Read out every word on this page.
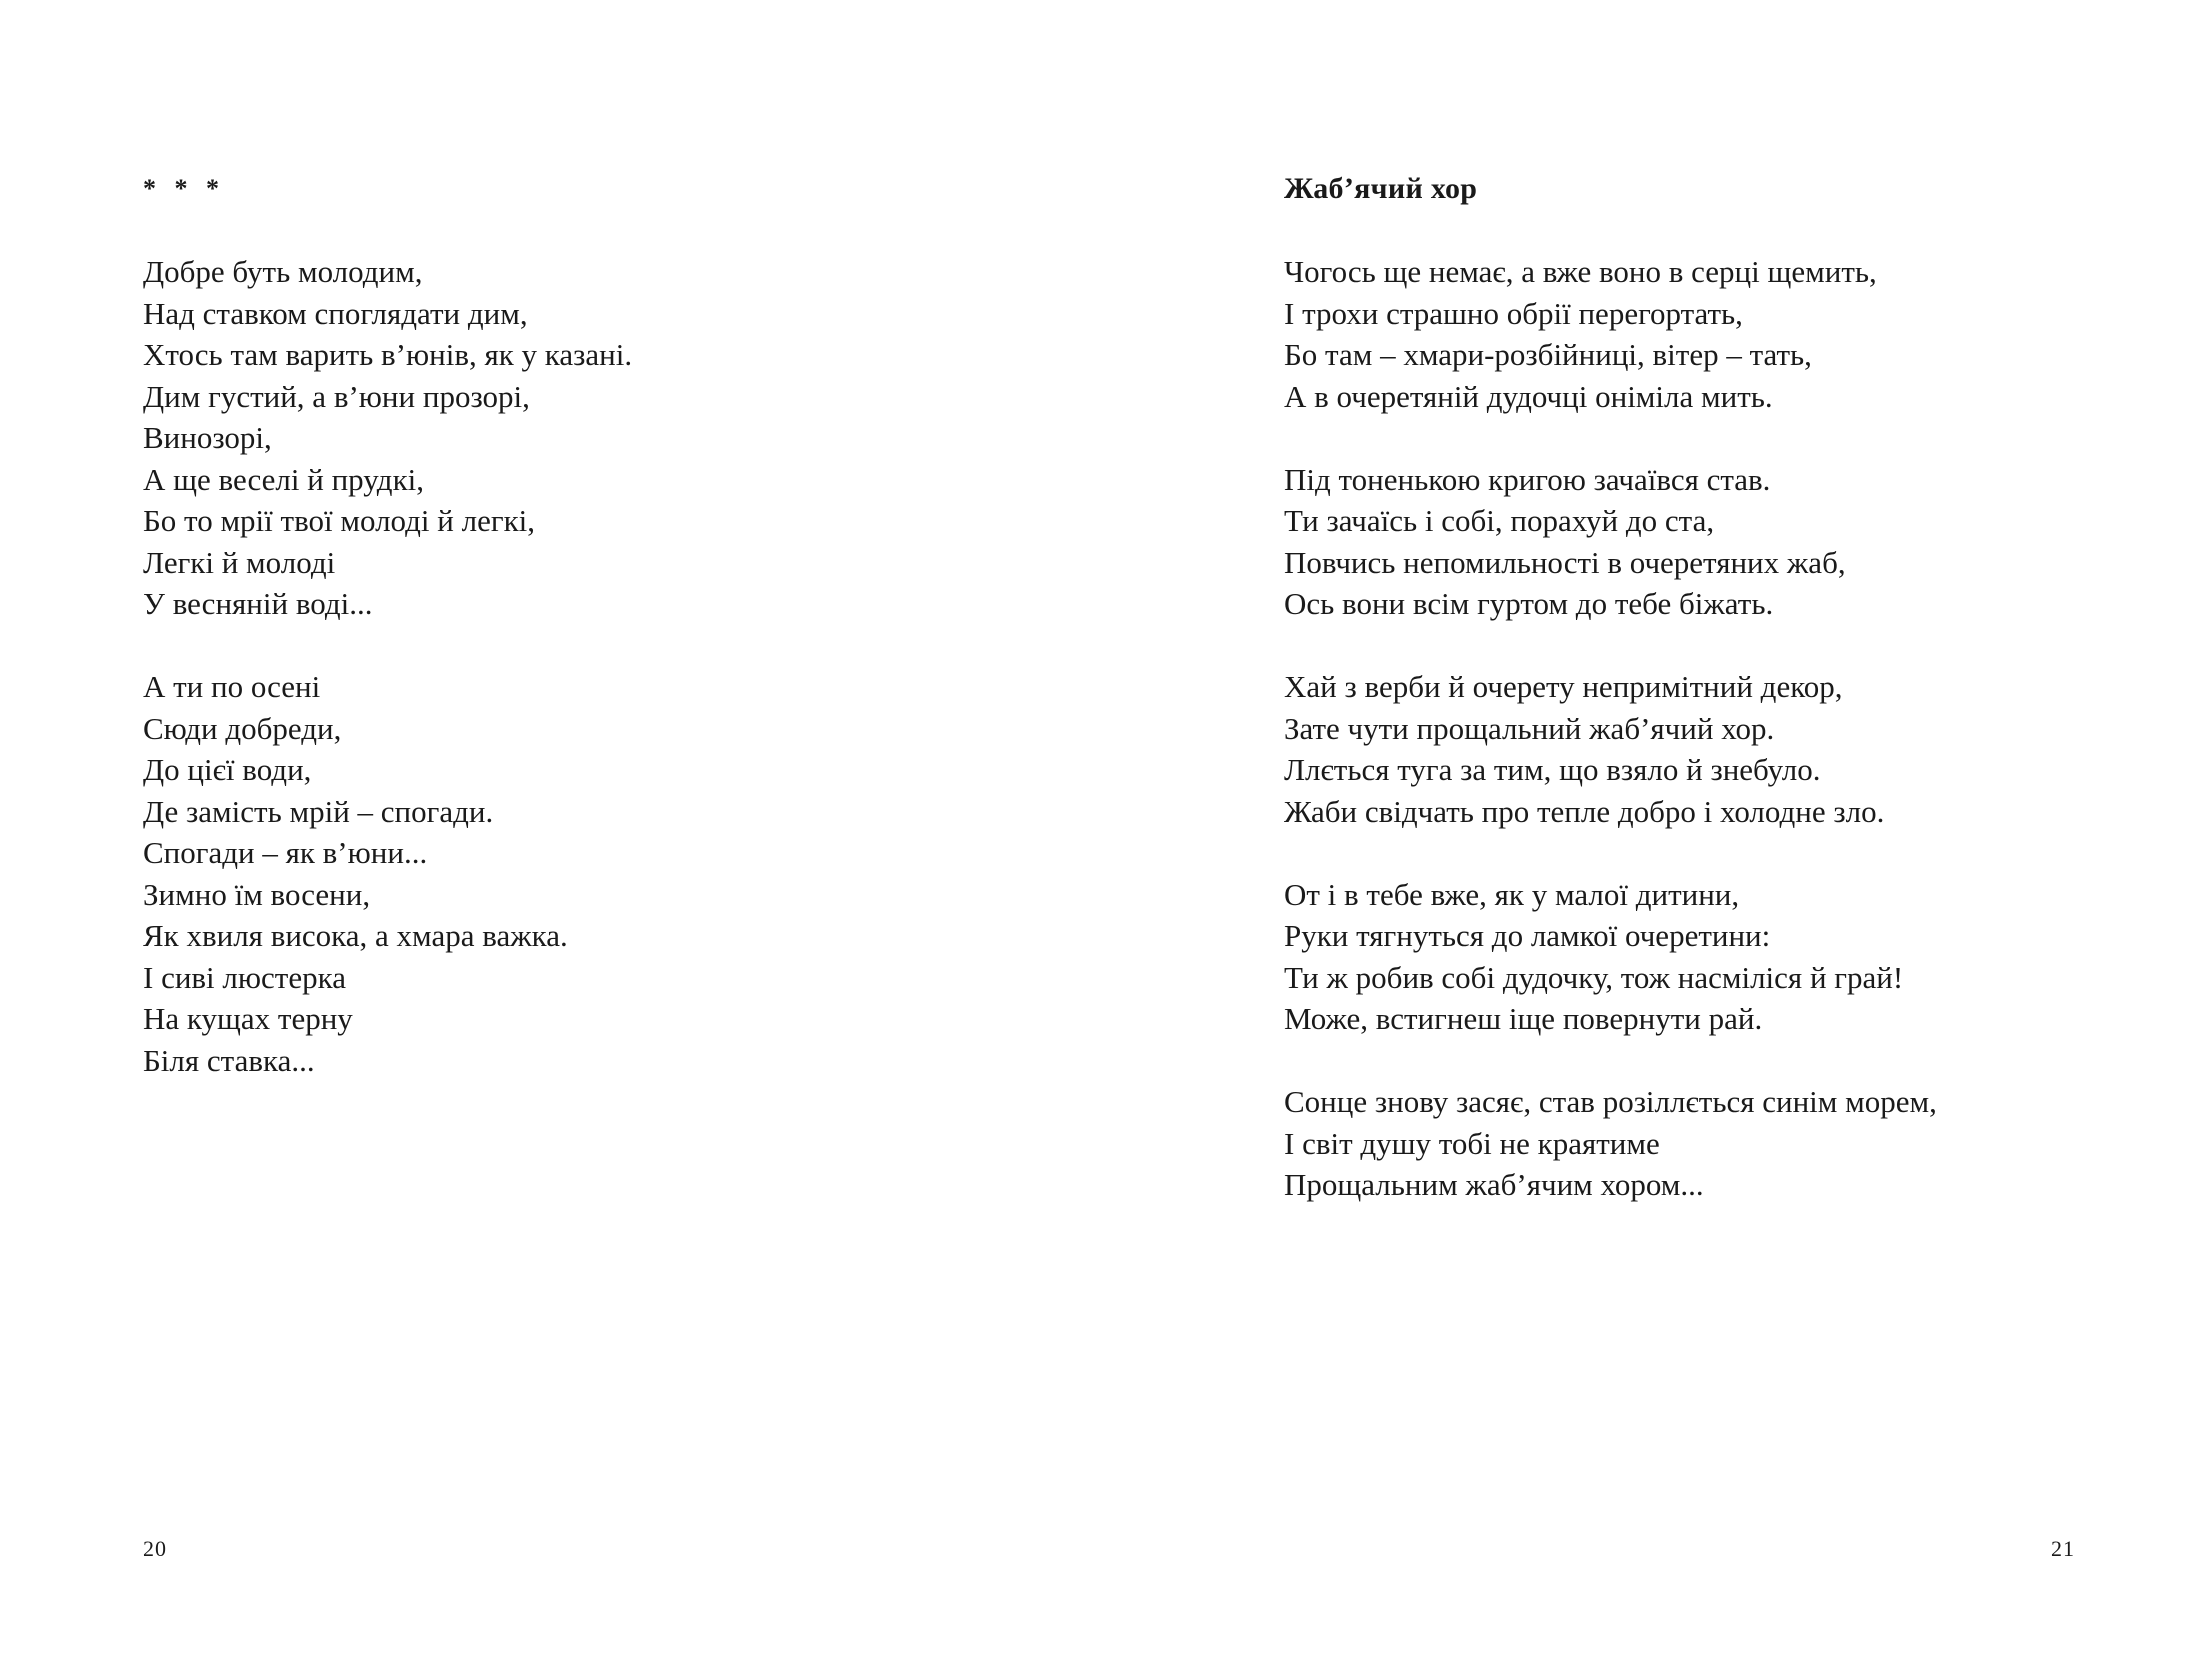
* * *
Добре буть молодим,
Над ставком споглядати дим,
Хтось там варить в’юнів, як у казані.
Дим густий, а в’юни прозорі,
Винозорі,
А ще веселі й прудкі,
Бо то мрії твої молоді й легкі,
Легкі й молоді
У весняній воді...
А ти по осені
Сюди добреди,
До цієї води,
Де замість мрій – спогади.
Спогади – як в’юни...
Зимно їм восени,
Як хвиля висока, а хмара важка.
І сиві люстерка
На кущах терну
Біля ставка...
20
Жаб’ячий хор
Чогось ще немає, а вже воно в серці щемить,
І трохи страшно обрії перегортать,
Бо там – хмари-розбійниці, вітер – тать,
А в очеретяній дудочці оніміла мить.
Під тоненькою кригою зачаївся став.
Ти зачаїсь і собі, порахуй до ста,
Повчись непомильності в очеретяних жаб,
Ось вони всім гуртом до тебе біжать.
Хай з верби й очерету непримітний декор,
Зате чути прощальний жаб’ячий хор.
Ллється туга за тим, що взяло й знебуло.
Жаби свідчать про тепле добро і холодне зло.
От і в тебе вже, як у малої дитини,
Руки тягнуться до ламкої очеретини:
Ти ж робив собі дудочку, тож насміліся й грай!
Може, встигнеш іще повернути рай.
Сонце знову засяє, став розіллється синім морем,
І світ душу тобі не краятиме
Прощальним жаб’ячим хором...
21
